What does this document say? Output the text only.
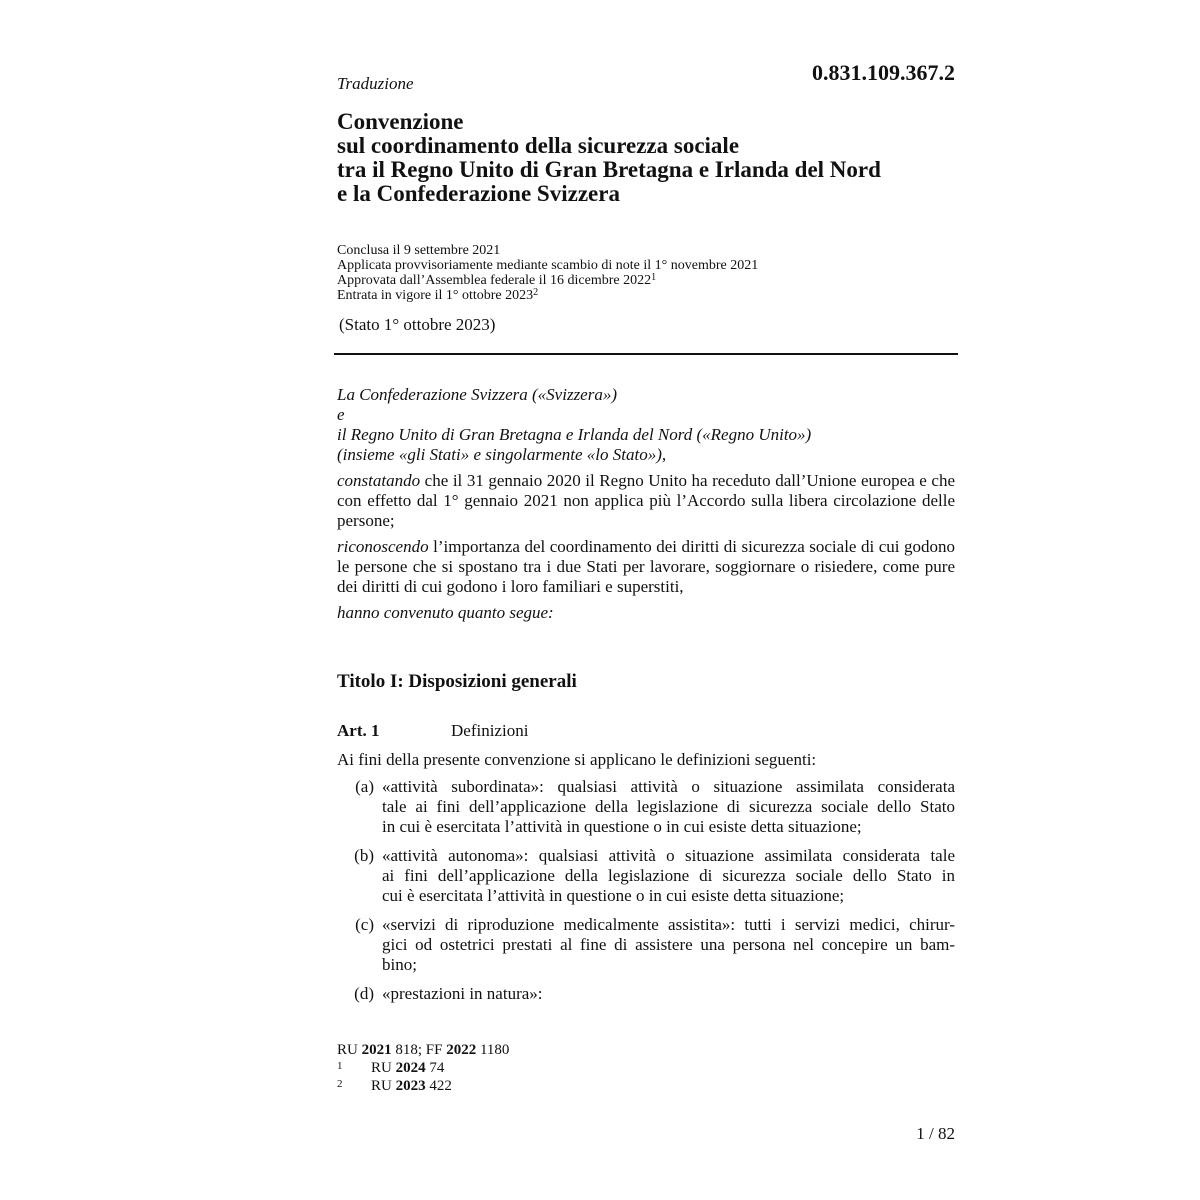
Traduzione	0.831.109.367.2
Convenzione
sul coordinamento della sicurezza sociale
tra il Regno Unito di Gran Bretagna e Irlanda del Nord
e la Confederazione Svizzera
Conclusa il 9 settembre 2021
Applicata provvisoriamente mediante scambio di note il 1° novembre 2021
Approvata dall’Assemblea federale il 16 dicembre 2022$^1$
Entrata in vigore il 1° ottobre 2023$^2$
(Stato 1° ottobre 2023)
La Confederazione Svizzera («Svizzera»)
e
il Regno Unito di Gran Bretagna e Irlanda del Nord («Regno Unito»)
(insieme «gli Stati» e singolarmente «lo Stato»),

constatando che il 31 gennaio 2020 il Regno Unito ha receduto dall’Unione europea e che con effetto dal 1° gennaio 2021 non applica più l’Accordo sulla libera circolazione delle persone;

riconoscendo l’importanza del coordinamento dei diritti di sicurezza sociale di cui godono le persone che si spostano tra i due Stati per lavorare, soggiornare o risiedere, come pure dei diritti di cui godono i loro familiari e superstiti,

hanno convenuto quanto segue:
Titolo I: Disposizioni generali
Art. 1	Definizioni
Ai fini della presente convenzione si applicano le definizioni seguenti:
(a) «attività subordinata»: qualsiasi attività o situazione assimilata considerata
tale ai fini dell’applicazione della legislazione di sicurezza sociale dello Stato
in cui è esercitata l’attività in questione o in cui esiste detta situazione;
(b) «attività autonoma»: qualsiasi attività o situazione assimilata considerata tale
ai fini dell’applicazione della legislazione di sicurezza sociale dello Stato in
cui è esercitata l’attività in questione o in cui esiste detta situazione;
(c) «servizi di riproduzione medicalmente assistita»: tutti i servizi medici, chirur-
gici od ostetrici prestati al fine di assistere una persona nel concepire un bam-
bino;
(d) «prestazioni in natura»:
RU 2021 818; FF 2022 1180
1 RU 2024 74
2 RU 2023 422
1 / 82
